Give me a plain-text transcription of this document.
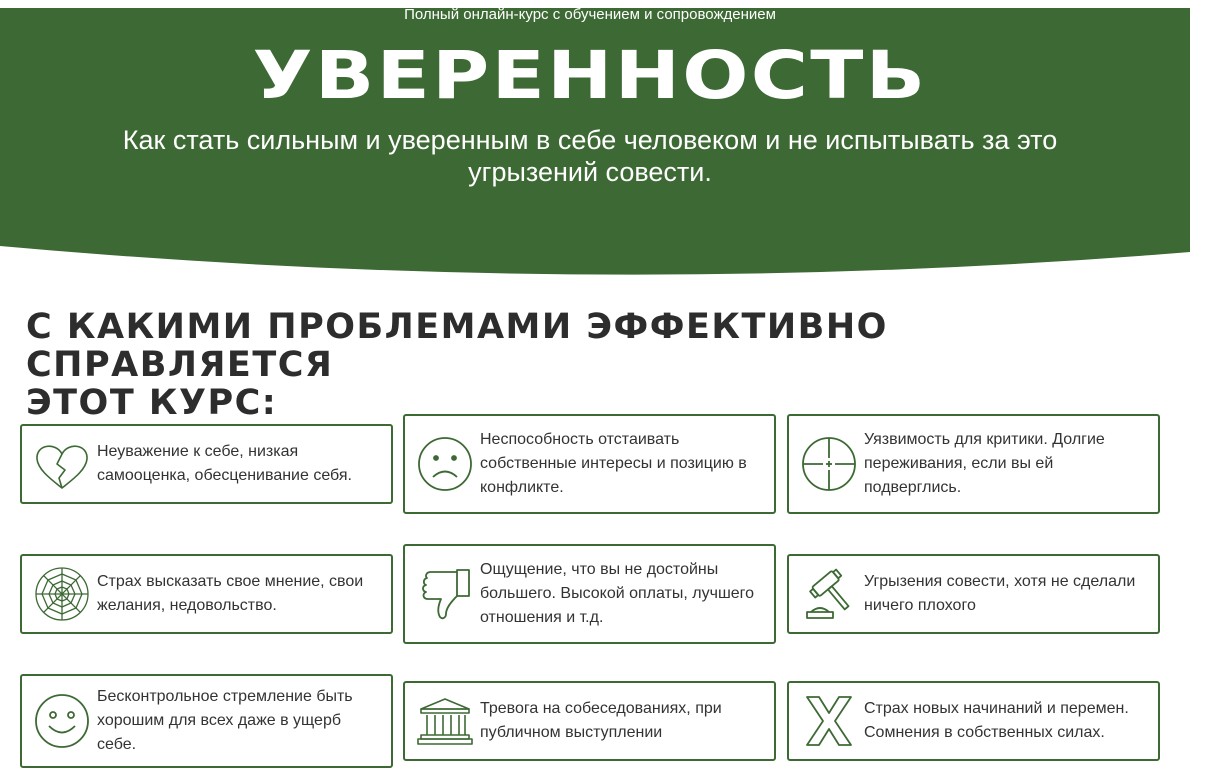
Полный онлайн-курс с обучением и сопровождением
УВЕРЕННОСТЬ
Как стать сильным и уверенным в себе человеком и не испытывать за это
угрызений совести.
С КАКИМИ ПРОБЛЕМАМИ ЭФФЕКТИВНО СПРАВЛЯЕТСЯ
ЭТОТ КУРС:
Неуважение к себе, низкая самооценка, обесценивание себя.
Неспособность отстаивать собственные интересы и позицию в конфликте.
Уязвимость для критики. Долгие переживания, если вы ей подверглись.
Страх высказать свое мнение, свои желания, недовольство.
Ощущение, что вы не достойны большего. Высокой оплаты, лучшего отношения и т.д.
Угрызения совести, хотя не сделали ничего плохого
Бесконтрольное стремление быть хорошим для всех даже в ущерб себе.
Тревога на собеседованиях, при публичном выступлении
Страх новых начинаний и перемен. Сомнения в собственных силах.
